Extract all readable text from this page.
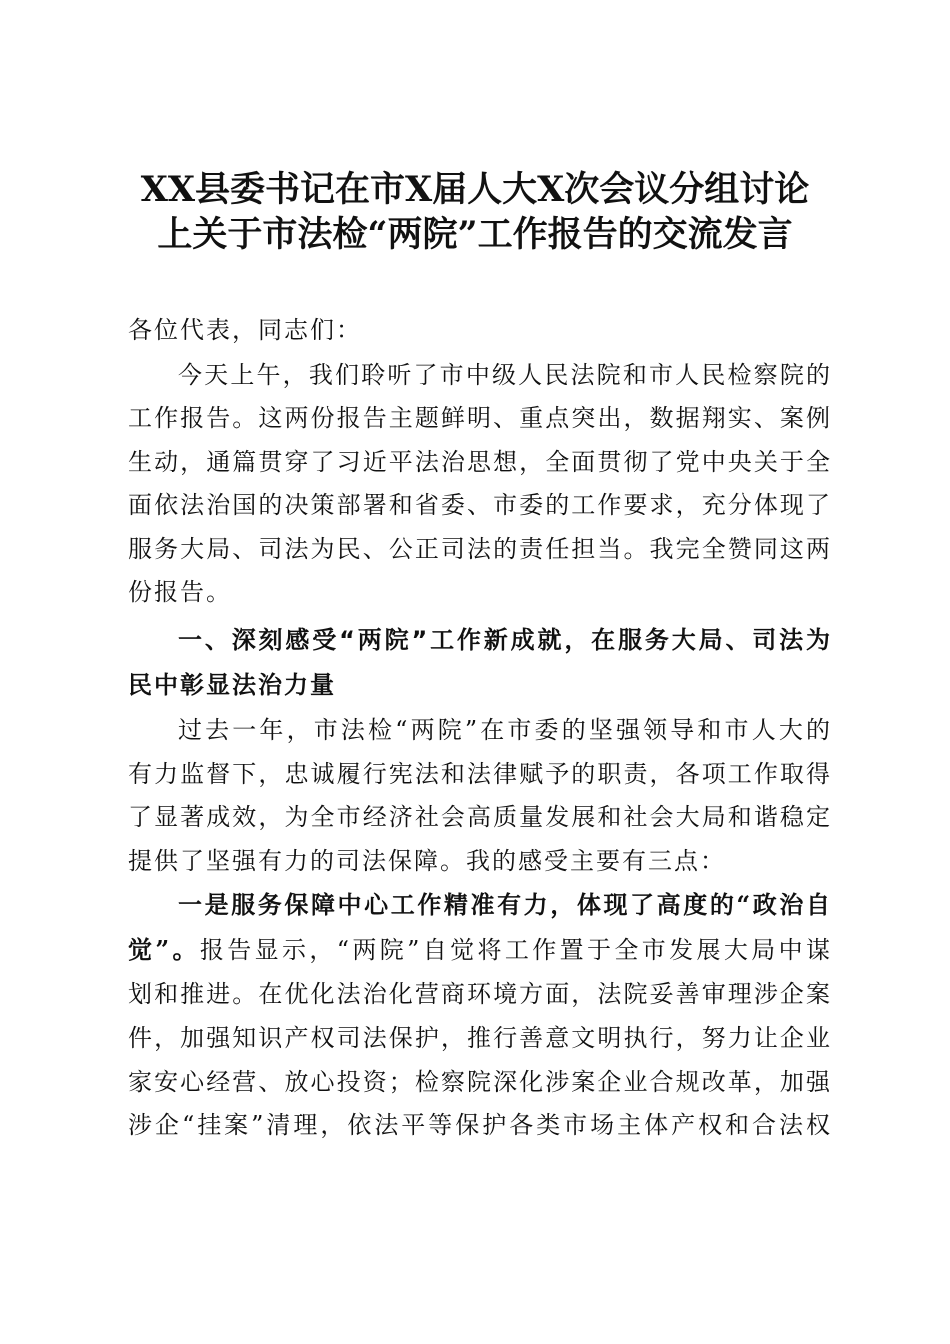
XX县委书记在市X届人大X次会议分组讨论
上关于市法检“两院”工作报告的交流发言
各位代表，同志们：
今天上午，我们聆听了市中级人民法院和市人民检察院的
工作报告。这两份报告主题鲜明、重点突出，数据翔实、案例
生动，通篇贯穿了习近平法治思想，全面贯彻了党中央关于全
面依法治国的决策部署和省委、市委的工作要求，充分体现了
服务大局、司法为民、公正司法的责任担当。我完全赞同这两
份报告。
一、深刻感受“两院”工作新成就，在服务大局、司法为
民中彰显法治力量
过去一年，市法检“两院”在市委的坚强领导和市人大的
有力监督下，忠诚履行宪法和法律赋予的职责，各项工作取得
了显著成效，为全市经济社会高质量发展和社会大局和谐稳定
提供了坚强有力的司法保障。我的感受主要有三点：
一是服务保障中心工作精准有力，体现了高度的“政治自
觉”。报告显示，“两院”自觉将工作置于全市发展大局中谋
划和推进。在优化法治化营商环境方面，法院妥善审理涉企案
件，加强知识产权司法保护，推行善意文明执行，努力让企业
家安心经营、放心投资；检察院深化涉案企业合规改革，加强
涉企“挂案”清理，依法平等保护各类市场主体产权和合法权
